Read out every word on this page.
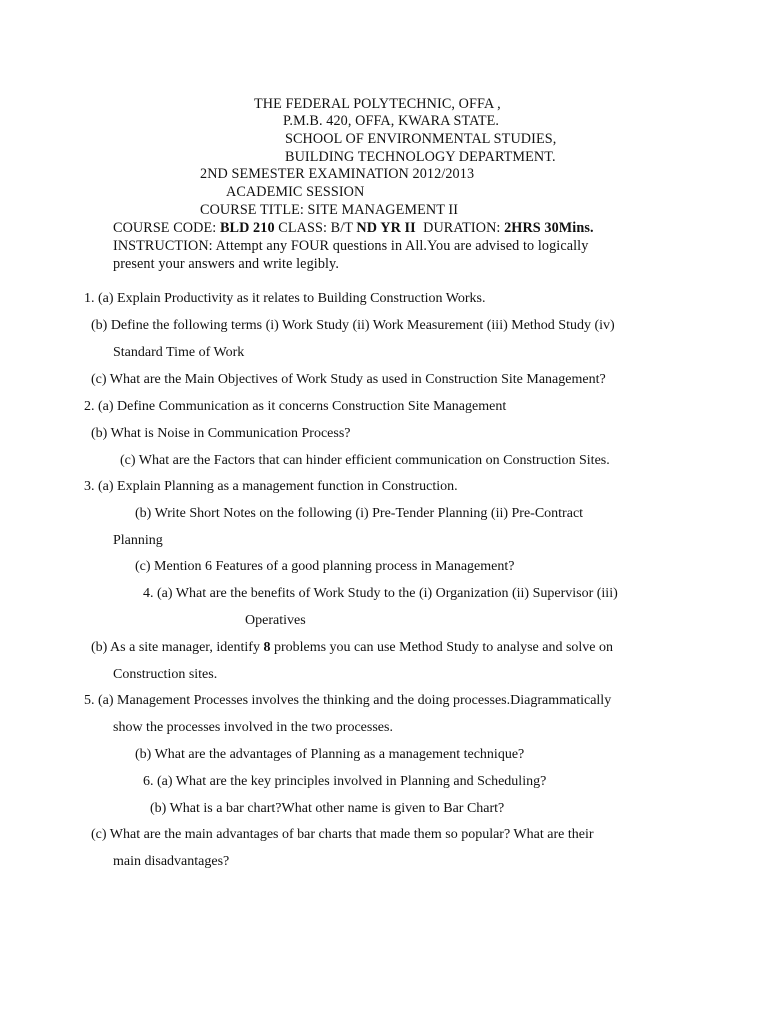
THE FEDERAL POLYTECHNIC, OFFA ,
P.M.B. 420, OFFA, KWARA STATE.
SCHOOL OF ENVIRONMENTAL STUDIES,
BUILDING TECHNOLOGY DEPARTMENT.
2ND SEMESTER EXAMINATION 2012/2013
ACADEMIC SESSION
COURSE TITLE: SITE MANAGEMENT II
COURSE CODE: BLD 210 CLASS: B/T ND YR II  DURATION: 2HRS 30Mins.
INSTRUCTION: Attempt any FOUR questions in All.You are advised to logically
present your answers and write legibly.
1. (a) Explain Productivity as it relates to Building Construction Works.
(b) Define the following terms (i) Work Study (ii) Work Measurement (iii) Method Study (iv)
Standard Time of Work
(c) What are the Main Objectives of Work Study as used in Construction Site Management?
2. (a) Define Communication as it concerns Construction Site Management
(b) What is Noise in Communication Process?
(c) What are the Factors that can hinder efficient communication on Construction Sites.
3. (a) Explain Planning as a management function in Construction.
(b) Write Short Notes on the following (i) Pre-Tender Planning (ii) Pre-Contract
Planning
(c) Mention 6 Features of a good planning process in Management?
4. (a) What are the benefits of Work Study to the (i) Organization (ii) Supervisor (iii)
Operatives
(b) As a site manager, identify 8 problems you can use Method Study to analyse and solve on
Construction sites.
5. (a) Management Processes involves the thinking and the doing processes.Diagrammatically
show the processes involved in the two processes.
(b) What are the advantages of Planning as a management technique?
6. (a) What are the key principles involved in Planning and Scheduling?
(b) What is a bar chart?What other name is given to Bar Chart?
(c) What are the main advantages of bar charts that made them so popular? What are their
main disadvantages?
